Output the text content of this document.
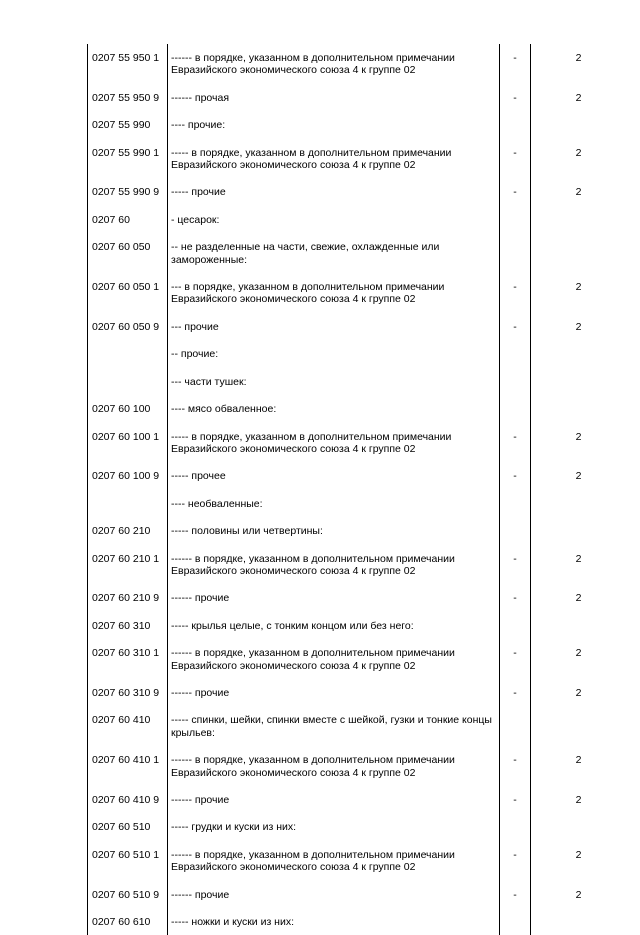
0207 55 950 1	------ в порядке, указанном в дополнительном примечании Евразийского экономического союза 4 к группе 02	-	2
0207 55 950 9	------ прочая	-	2
0207 55 990	---- прочие:		
0207 55 990 1	----- в порядке, указанном в дополнительном примечании Евразийского экономического союза 4 к группе 02	-	2
0207 55 990 9	----- прочие	-	2
0207 60	- цесарок:		
0207 60 050	-- не разделенные на части, свежие, охлажденные или замороженные:		
0207 60 050 1	--- в порядке, указанном в дополнительном примечании Евразийского экономического союза 4 к группе 02	-	2
0207 60 050 9	--- прочие	-	2
	-- прочие:		
	--- части тушек:		
0207 60 100	---- мясо обваленное:		
0207 60 100 1	----- в порядке, указанном в дополнительном примечании Евразийского экономического союза 4 к группе 02	-	2
0207 60 100 9	----- прочее	-	2
	---- необваленные:		
0207 60 210	----- половины или четвертины:		
0207 60 210 1	------ в порядке, указанном в дополнительном примечании Евразийского экономического союза 4 к группе 02	-	2
0207 60 210 9	------ прочие	-	2
0207 60 310	----- крылья целые, с тонким концом или без него:		
0207 60 310 1	------ в порядке, указанном в дополнительном примечании Евразийского экономического союза 4 к группе 02	-	2
0207 60 310 9	------ прочие	-	2
0207 60 410	----- спинки, шейки, спинки вместе с шейкой, гузки и тонкие концы крыльев:		
0207 60 410 1	------ в порядке, указанном в дополнительном примечании Евразийского экономического союза 4 к группе 02	-	2
0207 60 410 9	------ прочие	-	2
0207 60 510	----- грудки и куски из них:		
0207 60 510 1	------ в порядке, указанном в дополнительном примечании Евразийского экономического союза 4 к группе 02	-	2
0207 60 510 9	------ прочие	-	2
0207 60 610	----- ножки и куски из них:		
